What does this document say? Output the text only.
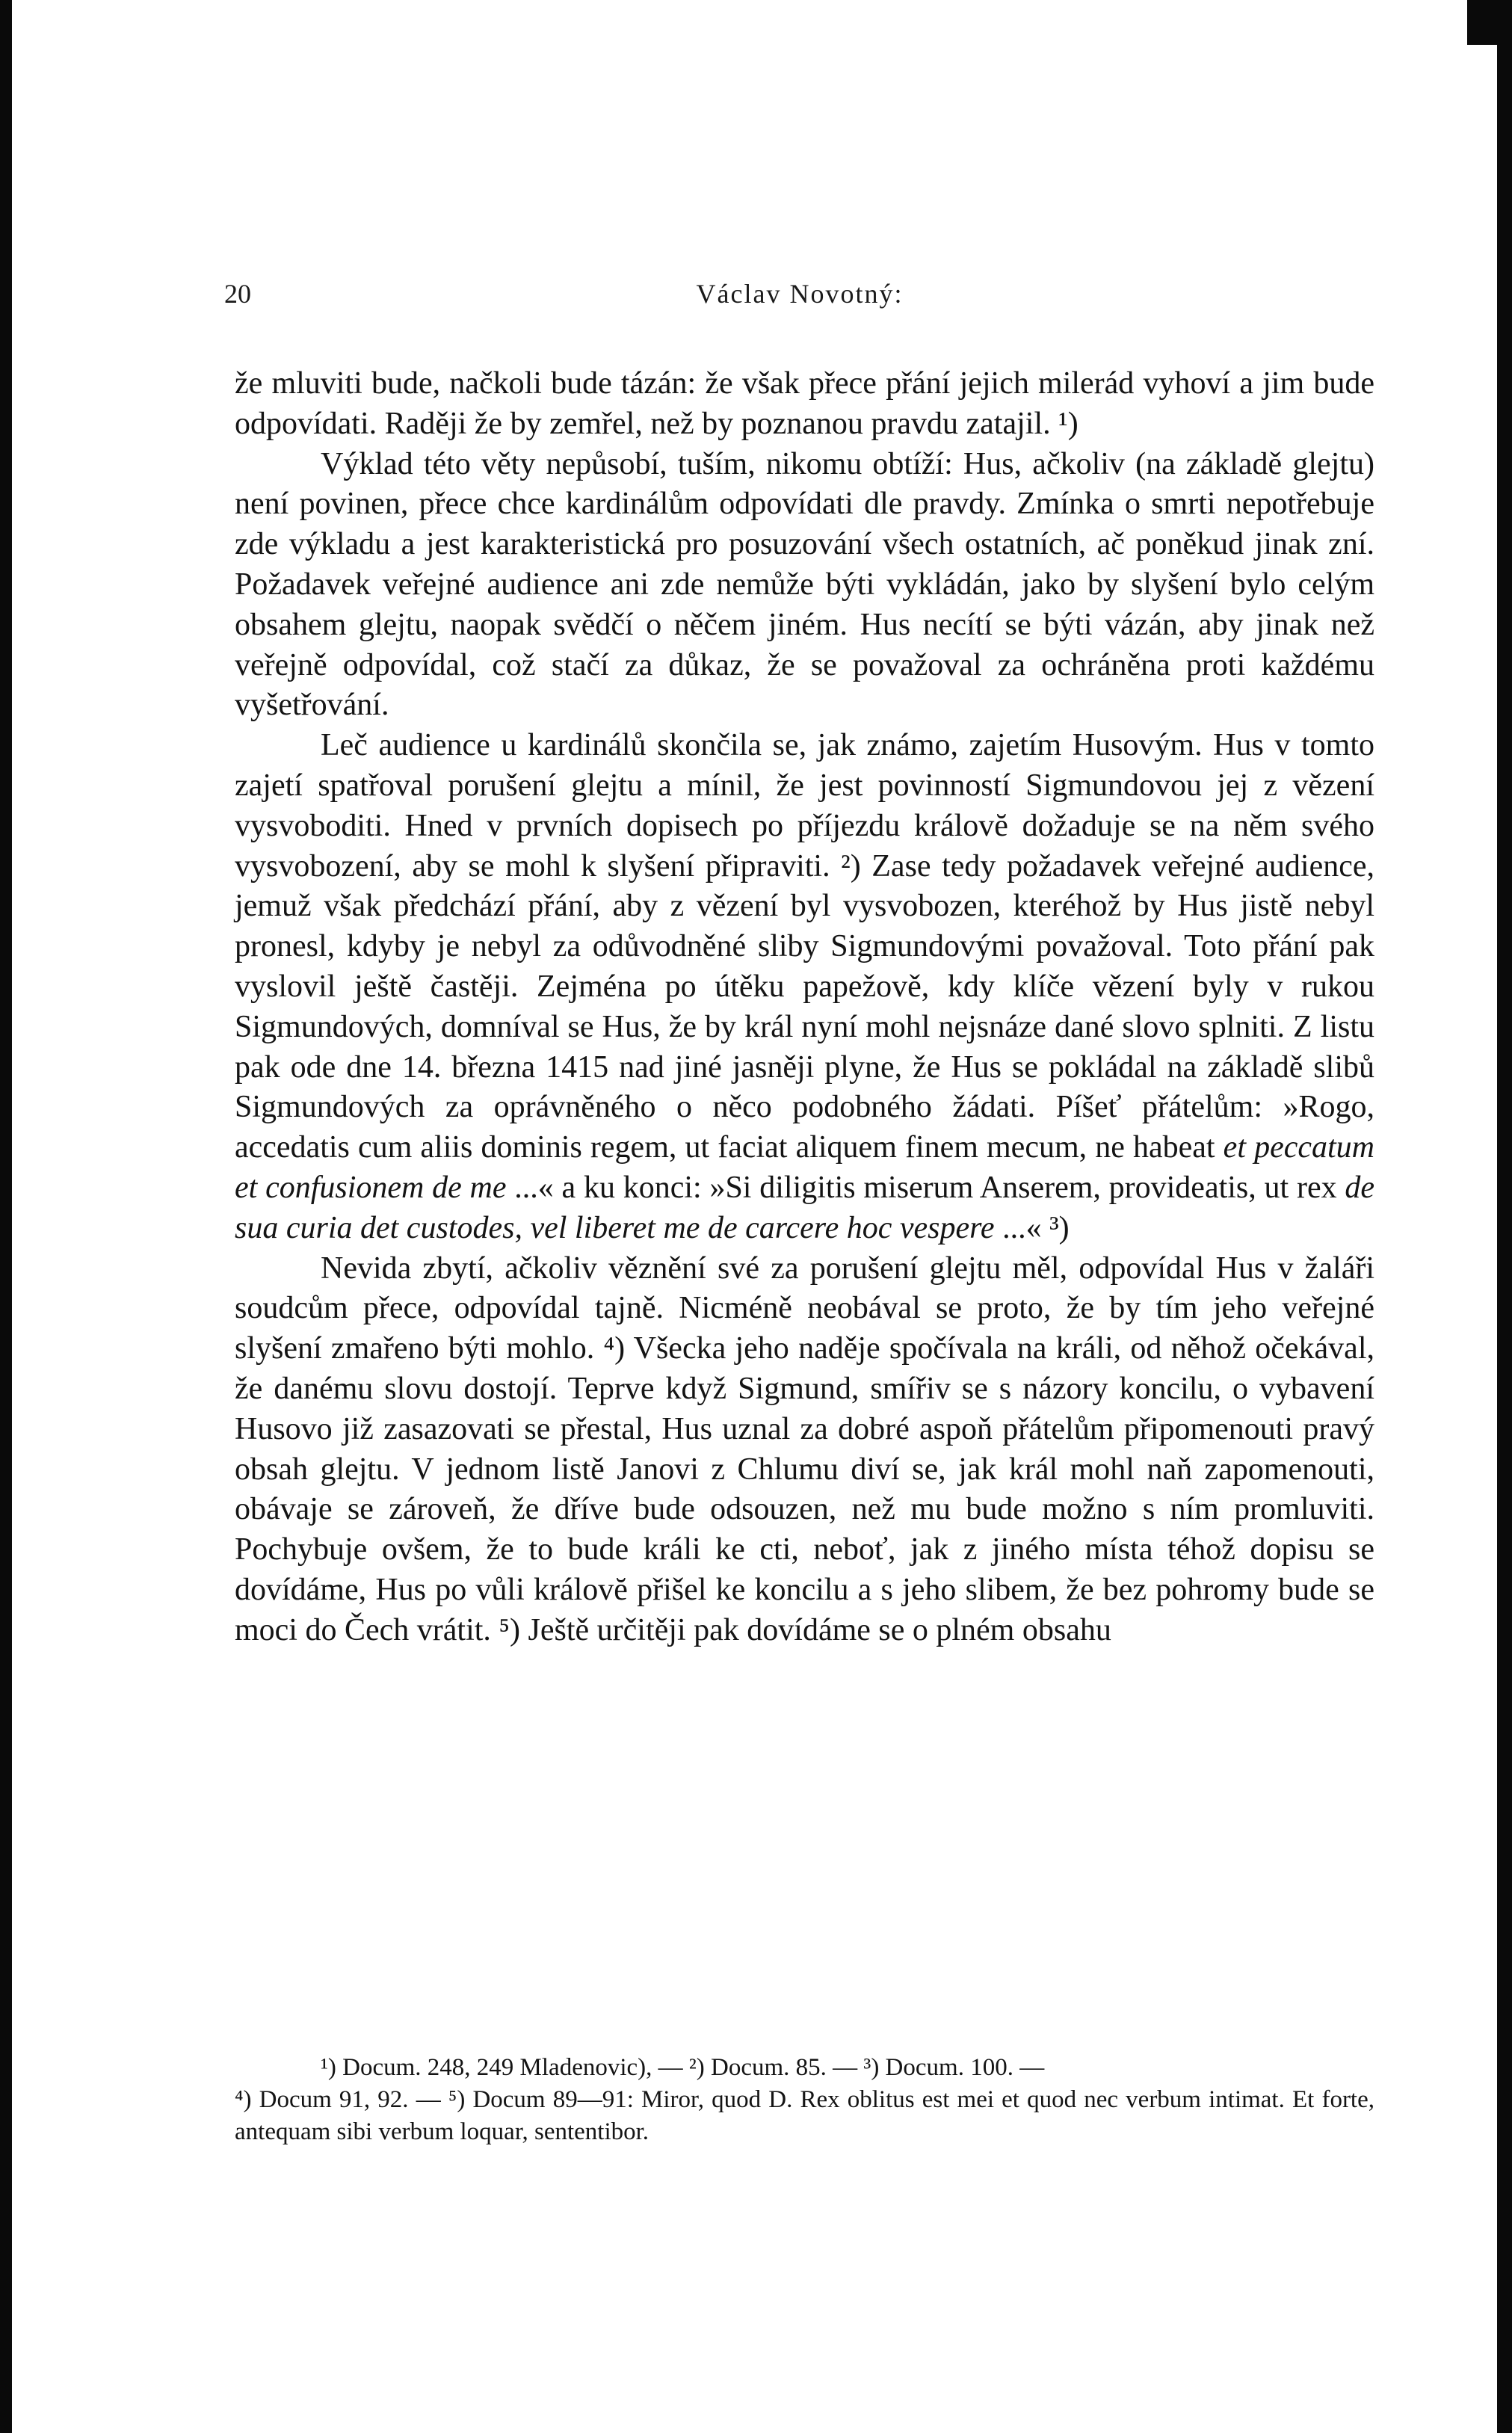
20	Václav Novotný:

že mluviti bude, načkoli bude tázán: že však přece přání jejich milerád vyhoví a jim bude odpovídati. Raději že by zemřel, než by poznanou pravdu zatajil. ¹)

Výklad této věty nepůsobí, tuším, nikomu obtíží: Hus, ačkoliv (na základě glejtu) není povinen, přece chce kardinálům odpovídati dle pravdy. Zmínka o smrti nepotřebuje zde výkladu a jest karakteristická pro posuzování všech ostatních, ač poněkud jinak zní. Požadavek veřejné audience ani zde nemůže býti vykládán, jako by slyšení bylo celým obsahem glejtu, naopak svědčí o něčem jiném. Hus necítí se býti vázán, aby jinak než veřejně odpovídal, což stačí za důkaz, že se považoval za ochráněna proti každému vyšetřování.

Leč audience u kardinálů skončila se, jak známo, zajetím Husovým. Hus v tomto zajetí spatřoval porušení glejtu a mínil, že jest povinností Sigmundovou jej z vězení vysvoboditi. Hned v prvních dopisech po příjezdu královĕ dožaduje se na něm svého vysvobození, aby se mohl k slyšení připraviti. ²) Zase tedy požadavek veřejné audience, jemuž však předchází přání, aby z vězení byl vysvobozen, kteréhož by Hus jistě nebyl pronesl, kdyby je nebyl za odůvodněné sliby Sigmundovými považoval. Toto přání pak vyslovil ještě častěji. Zejména po útěku papežově, kdy klíče vězení byly v rukou Sigmundových, domníval se Hus, že by král nyní mohl nejsnáze dané slovo splniti. Z listu pak ode dne 14. března 1415 nad jiné jasněji plyne, že Hus se pokládal na základě slibů Sigmundových za oprávněného o něco podobného žádati. Píšeť přátelům: »Rogo, accedatis cum aliis dominis regem, ut faciat aliquem finem mecum, ne habeat et peccatum et confusionem de me ...« a ku konci: »Si diligitis miserum Anserem, provideatis, ut rex de sua curia det custodes, vel liberet me de carcere hoc vespere ...« ³)

Nevida zbytí, ačkoliv věznění své za porušení glejtu měl, odpovídal Hus v žaláři soudcům přece, odpovídal tajně. Nicméně neobával se proto, že by tím jeho veřejné slyšení zmařeno býti mohlo. ⁴) Všecka jeho naděje spočívala na králi, od něhož očekával, že danému slovu dostojí. Teprve když Sigmund, smířiv se s názory koncilu, o vybavení Husovo již zasazovati se přestal, Hus uznal za dobré aspoň přátelům připomenouti pravý obsah glejtu. V jednom listě Janovi z Chlumu diví se, jak král mohl naň zapomenouti, obávaje se zároveň, že dříve bude odsouzen, než mu bude možno s ním promluviti. Pochybuje ovšem, že to bude králi ke cti, neboť, jak z jiného místa téhož dopisu se dovídáme, Hus po vůli královĕ přišel ke koncilu a s jeho slibem, že bez pohromy bude se moci do Čech vrátit. ⁵) Ještě určitěji pak dovídáme se o plném obsahu

¹) Docum. 248, 249 Mladenovic), — ²) Docum. 85. — ³) Docum. 100. —

⁴) Docum 91, 92. — ⁵) Docum 89—91: Miror, quod D. Rex oblitus est mei et quod nec verbum intimat. Et forte, antequam sibi verbum loquar, sententibor.
